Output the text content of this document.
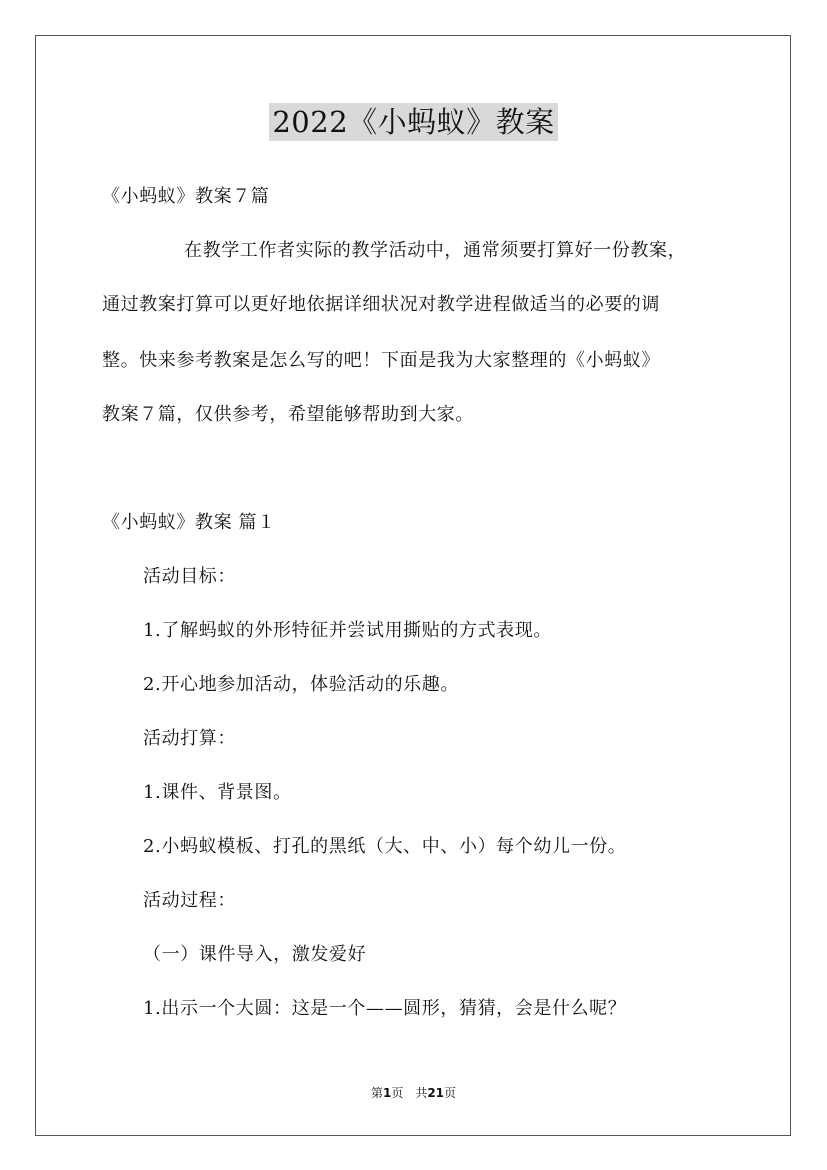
2022《小蚂蚁》教案
《小蚂蚁》教案７篇
在教学工作者实际的教学活动中，通常须要打算好一份教案，
通过教案打算可以更好地依据详细状况对教学进程做适当的必要的调
整。快来参考教案是怎么写的吧！下面是我为大家整理的《小蚂蚁》
教案７篇，仅供参考，希望能够帮助到大家。
《小蚂蚁》教案 篇１
活动目标：
1.了解蚂蚁的外形特征并尝试用撕贴的方式表现。
2.开心地参加活动，体验活动的乐趣。
活动打算：
1.课件、背景图。
2.小蚂蚁模板、打孔的黑纸（大、中、小）每个幼儿一份。
活动过程：
（一）课件导入，激发爱好
1.出示一个大圆：这是一个——圆形，猜猜，会是什么呢？
第1页　共21页
